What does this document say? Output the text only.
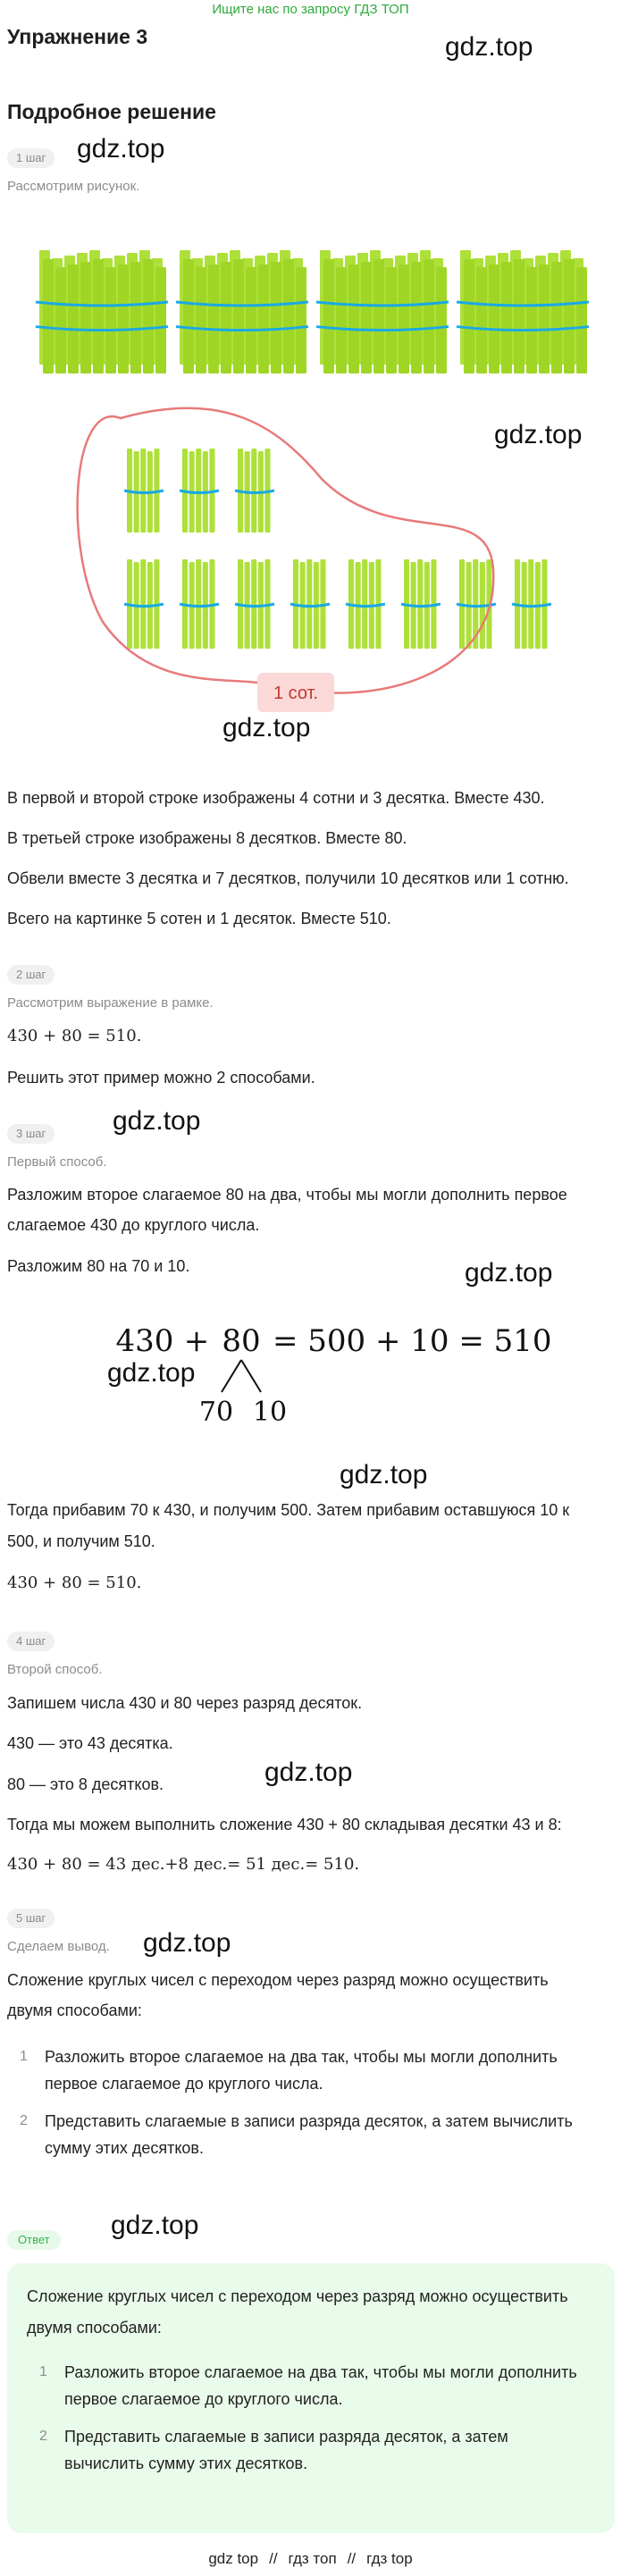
Ищите нас по запросу ГДЗ ТОП
Упражнение 3
Подробное решение
gdz.top
gdz.top
gdz.top
gdz.top
gdz.top
gdz.top
gdz.top
gdz.top
gdz.top
gdz.top
gdz.top
1 шаг
Рассмотрим рисунок.
1 сот.
В первой и второй строке изображены 4 сотни и 3 десятка. Вместе 430.
В третьей строке изображены 8 десятков. Вместе 80.
Обвели вместе 3 десятка и 7 десятков, получили 10 десятков или 1 сотню.
Всего на картинке 5 сотен и 1 десяток. Вместе 510.
2 шаг
Рассмотрим выражение в рамке.
430 + 80 = 510.
Решить этот пример можно 2 способами.
3 шаг
Первый способ.
Разложим второе слагаемое 80 на два, чтобы мы могли дополнить первое
слагаемое 430 до круглого числа.
Разложим 80 на 70 и 10.
430 + 80 = 500 + 10 = 510
70 10
Тогда прибавим 70 к 430, и получим 500. Затем прибавим оставшуюся 10 к
500, и получим 510.
430 + 80 = 510.
4 шаг
Второй способ.
Запишем числа 430 и 80 через разряд десяток.
430 — это 43 десятка.
80 — это 8 десятков.
Тогда мы можем выполнить сложение 430 + 80 складывая десятки 43 и 8:
430 + 80 = 43 дес.+8 дес.= 51 дес.= 510.
5 шаг
Сделаем вывод.
Сложение круглых чисел с переходом через разряд можно осуществить
двумя способами:
1	Разложить второе слагаемое на два так, чтобы мы могли дополнить
первое слагаемое до круглого числа.
2	Представить слагаемые в записи разряда десяток, а затем вычислить
сумму этих десятков.
Ответ
Сложение круглых чисел с переходом через разряд можно осуществить
двумя способами:
1	Разложить второе слагаемое на два так, чтобы мы могли дополнить
первое слагаемое до круглого числа.
2	Представить слагаемые в записи разряда десяток, а затем
вычислить сумму этих десятков.
gdz top // гдз топ // гдз top
